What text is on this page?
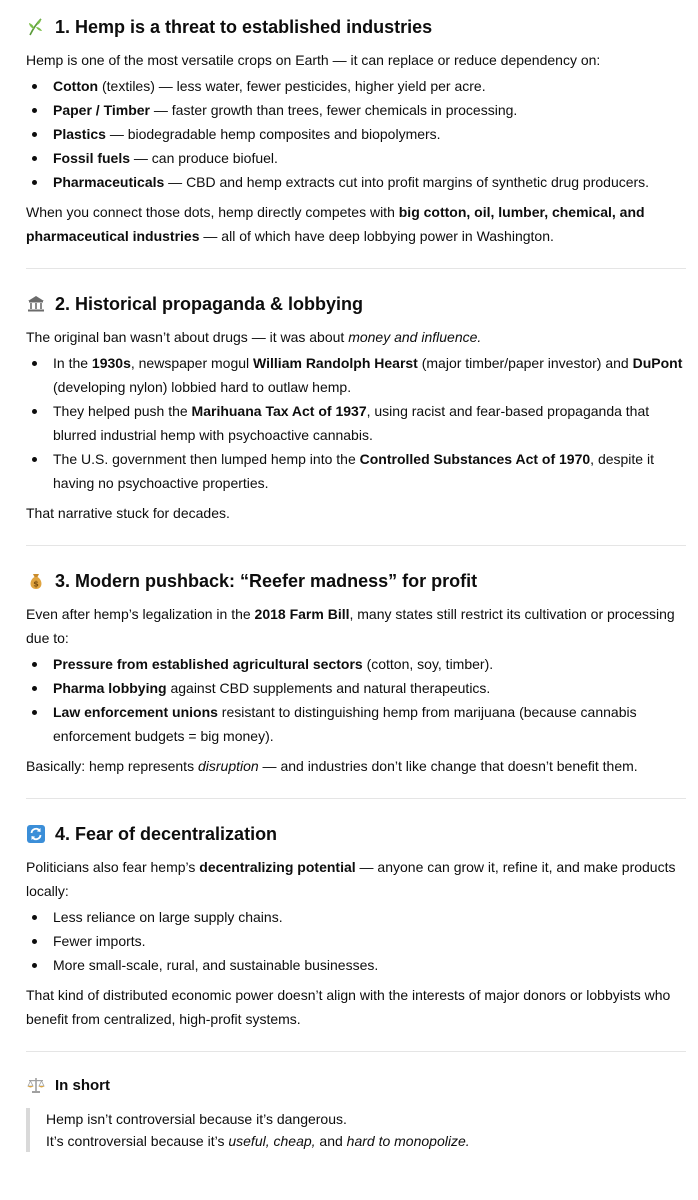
1. Hemp is a threat to established industries

Hemp is one of the most versatile crops on Earth — it can replace or reduce dependency on:

Cotton (textiles) — less water, fewer pesticides, higher yield per acre.
Paper / Timber — faster growth than trees, fewer chemicals in processing.
Plastics — biodegradable hemp composites and biopolymers.
Fossil fuels — can produce biofuel.
Pharmaceuticals — CBD and hemp extracts cut into profit margins of synthetic drug producers.

When you connect those dots, hemp directly competes with big cotton, oil, lumber, chemical, and pharmaceutical industries — all of which have deep lobbying power in Washington.

2. Historical propaganda & lobbying

The original ban wasn’t about drugs — it was about money and influence.

In the 1930s, newspaper mogul William Randolph Hearst (major timber/paper investor) and DuPont (developing nylon) lobbied hard to outlaw hemp.
They helped push the Marihuana Tax Act of 1937, using racist and fear-based propaganda that blurred industrial hemp with psychoactive cannabis.
The U.S. government then lumped hemp into the Controlled Substances Act of 1970, despite it having no psychoactive properties.

That narrative stuck for decades.

$ 3. Modern pushback: “Reefer madness” for profit

Even after hemp’s legalization in the 2018 Farm Bill, many states still restrict its cultivation or processing due to:

Pressure from established agricultural sectors (cotton, soy, timber).
Pharma lobbying against CBD supplements and natural therapeutics.
Law enforcement unions resistant to distinguishing hemp from marijuana (because cannabis enforcement budgets = big money).

Basically: hemp represents disruption — and industries don’t like change that doesn’t benefit them.

4. Fear of decentralization

Politicians also fear hemp’s decentralizing potential — anyone can grow it, refine it, and make products locally:

Less reliance on large supply chains.
Fewer imports.
More small-scale, rural, and sustainable businesses.

That kind of distributed economic power doesn’t align with the interests of major donors or lobbyists who benefit from centralized, high-profit systems.

In short

Hemp isn’t controversial because it’s dangerous.

It’s controversial because it’s useful, cheap, and hard to monopolize.
